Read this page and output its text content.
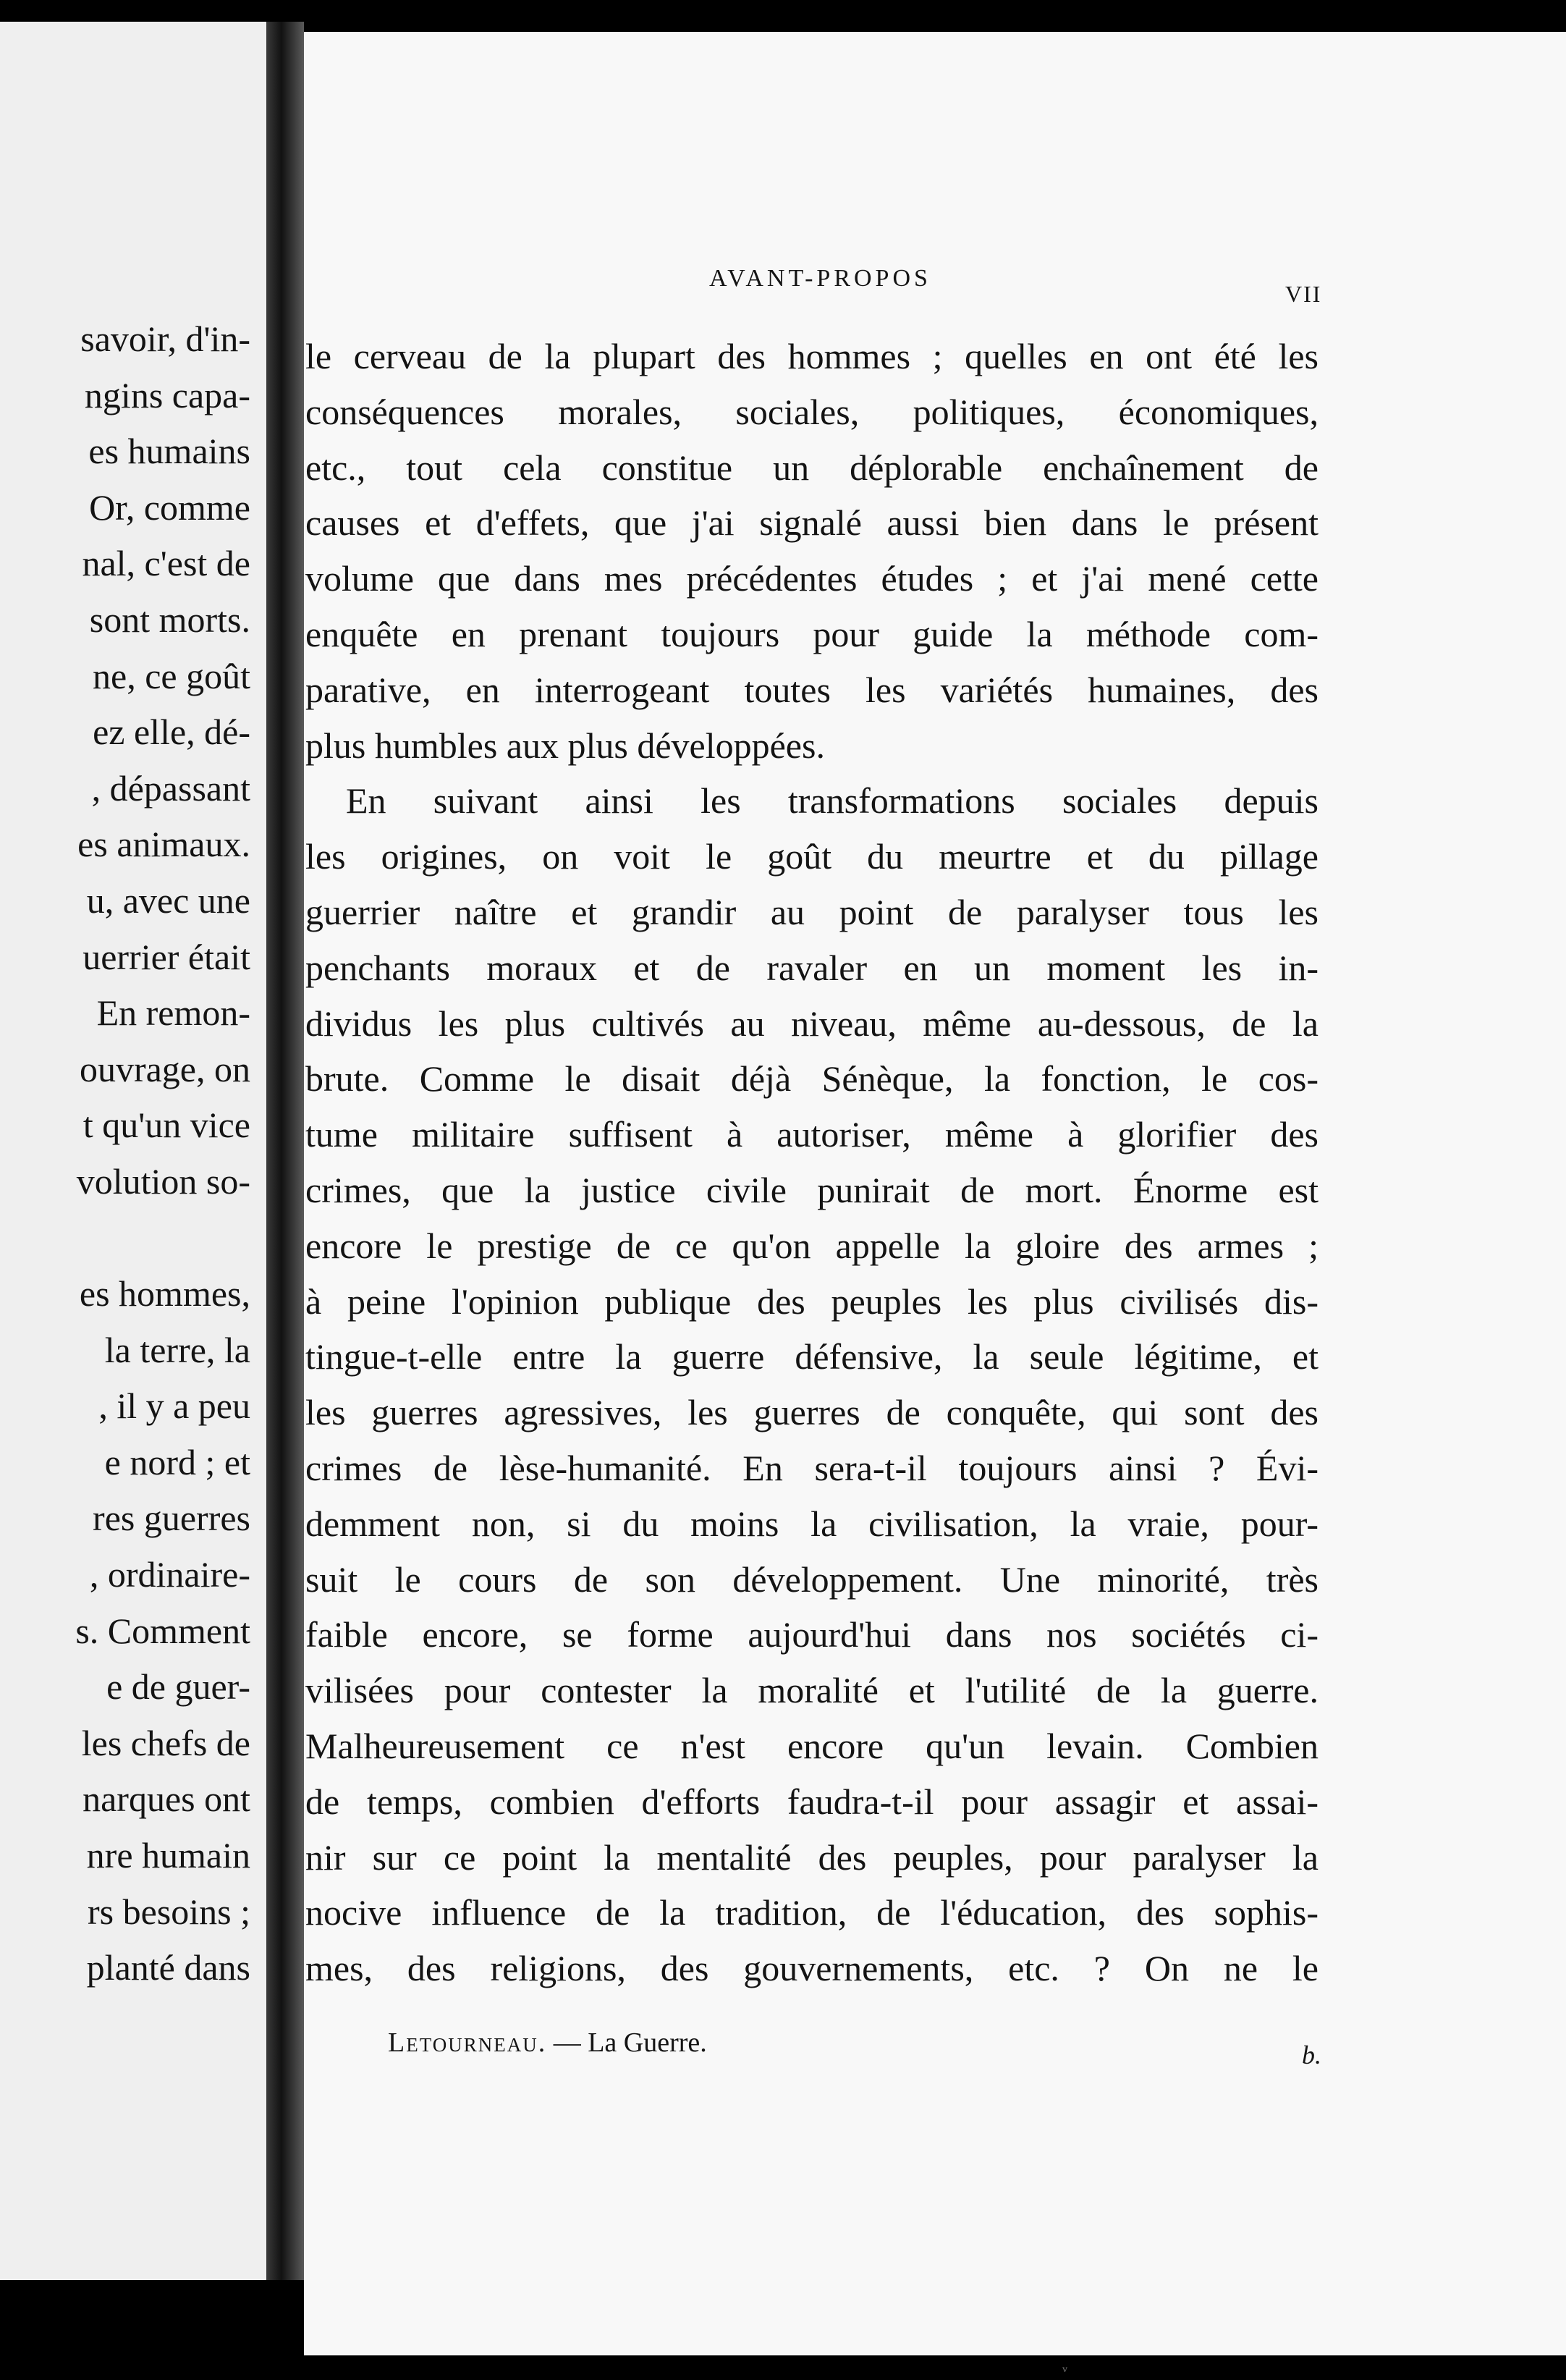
savoir, d'in-
ngins capa-
es humains
Or, comme
nal, c'est de
sont morts.
ne, ce goût
ez elle, dé-
, dépassant
es animaux.
u, avec une
uerrier était
En remon-
ouvrage, on
t qu'un vice
volution so-

es hommes,
la terre, la
, il y a peu
e nord ; et
res guerres
, ordinaire-
s. Comment
e de guer-
les chefs de
narques ont
nre humain
rs besoins ;
planté dans
AVANT-PROPOS
VII
le cerveau de la plupart des hommes ; quelles en ont été les
conséquences morales, sociales, politiques, économiques,
etc., tout cela constitue un déplorable enchaînement de
causes et d'effets, que j'ai signalé aussi bien dans le présent
volume que dans mes précédentes études ; et j'ai mené cette
enquête en prenant toujours pour guide la méthode com-
parative, en interrogeant toutes les variétés humaines, des
plus humbles aux plus développées.
En suivant ainsi les transformations sociales depuis
les origines, on voit le goût du meurtre et du pillage
guerrier naître et grandir au point de paralyser tous les
penchants moraux et de ravaler en un moment les in-
dividus les plus cultivés au niveau, même au-dessous, de la
brute. Comme le disait déjà Sénèque, la fonction, le cos-
tume militaire suffisent à autoriser, même à glorifier des
crimes, que la justice civile punirait de mort. Énorme est
encore le prestige de ce qu'on appelle la gloire des armes ;
à peine l'opinion publique des peuples les plus civilisés dis-
tingue-t-elle entre la guerre défensive, la seule légitime, et
les guerres agressives, les guerres de conquête, qui sont des
crimes de lèse-humanité. En sera-t-il toujours ainsi ? Évi-
demment non, si du moins la civilisation, la vraie, pour-
suit le cours de son développement. Une minorité, très
faible encore, se forme aujourd'hui dans nos sociétés ci-
vilisées pour contester la moralité et l'utilité de la guerre.
Malheureusement ce n'est encore qu'un levain. Combien
de temps, combien d'efforts faudra-t-il pour assagir et assai-
nir sur ce point la mentalité des peuples, pour paralyser la
nocive influence de la tradition, de l'éducation, des sophis-
mes, des religions, des gouvernements, etc. ? On ne le
Letourneau. — La Guerre.	b.
v
